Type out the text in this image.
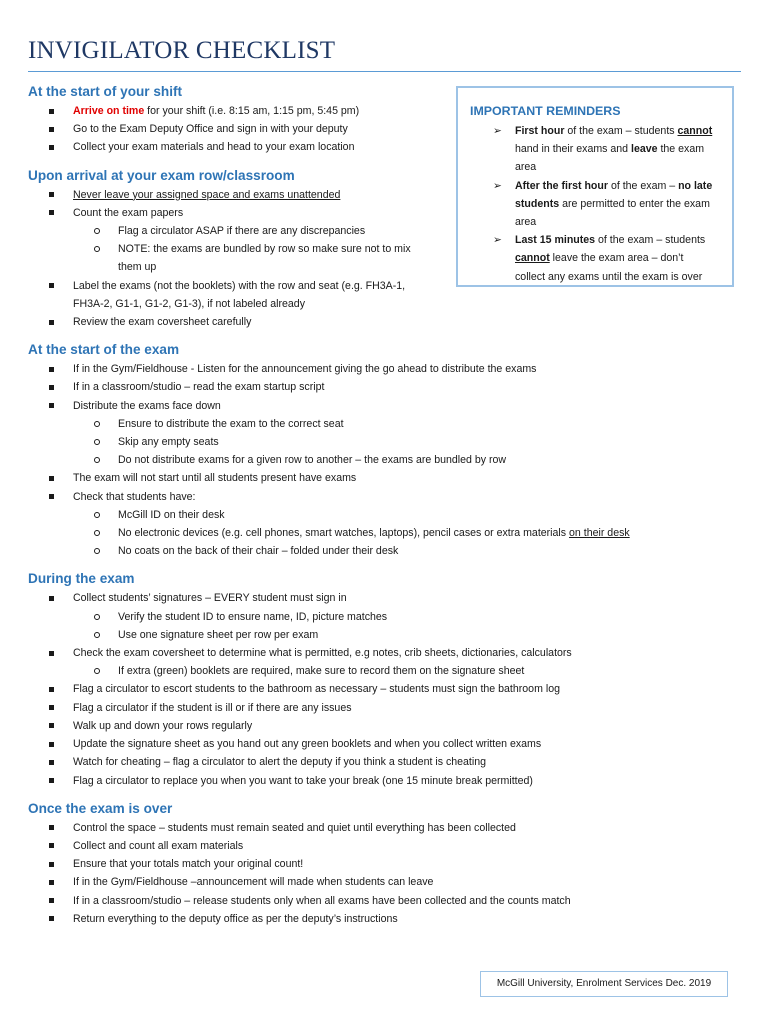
INVIGILATOR CHECKLIST
At the start of your shift
Arrive on time for your shift (i.e. 8:15 am, 1:15 pm, 5:45 pm)
Go to the Exam Deputy Office and sign in with your deputy
Collect your exam materials and head to your exam location
Upon arrival at your exam row/classroom
Never leave your assigned space and exams unattended
Count the exam papers
Flag a circulator ASAP if there are any discrepancies
NOTE: the exams are bundled by row so make sure not to mix
them up
Label the exams (not the booklets) with the row and seat (e.g. FH3A-1,
FH3A-2, G1-1, G1-2, G1-3), if not labeled already
Review the exam coversheet carefully
At the start of the exam
If in the Gym/Fieldhouse - Listen for the announcement giving the go ahead to distribute the exams
If in a classroom/studio – read the exam startup script
Distribute the exams face down
Ensure to distribute the exam to the correct seat
Skip any empty seats
Do not distribute exams for a given row to another – the exams are bundled by row
The exam will not start until all students present have exams
Check that students have:
McGill ID on their desk
No electronic devices (e.g. cell phones, smart watches, laptops), pencil cases or extra materials on their desk
No coats on the back of their chair – folded under their desk
During the exam
Collect students’ signatures – EVERY student must sign in
Verify the student ID to ensure name, ID, picture matches
Use one signature sheet per row per exam
Check the exam coversheet to determine what is permitted, e.g notes, crib sheets, dictionaries, calculators
If extra (green) booklets are required, make sure to record them on the signature sheet
Flag a circulator to escort students to the bathroom as necessary – students must sign the bathroom log
Flag a circulator if the student is ill or if there are any issues
Walk up and down your rows regularly
Update the signature sheet as you hand out any green booklets and when you collect written exams
Watch for cheating – flag a circulator to alert the deputy if you think a student is cheating
Flag a circulator to replace you when you want to take your break (one 15 minute break permitted)
Once the exam is over
Control the space – students must remain seated and quiet until everything has been collected
Collect and count all exam materials
Ensure that your totals match your original count!
If in the Gym/Fieldhouse –announcement will made when students can leave
If in a classroom/studio – release students only when all exams have been collected and the counts match
Return everything to the deputy office as per the deputy’s instructions
IMPORTANT REMINDERS
➢ First hour of the exam – students cannot
hand in their exams and leave the exam
area
➢ After the first hour of the exam – no late
students are permitted to enter the exam
area
➢ Last 15 minutes of the exam – students
cannot leave the exam area – don’t
collect any exams until the exam is over
McGill University, Enrolment Services Dec. 2019
